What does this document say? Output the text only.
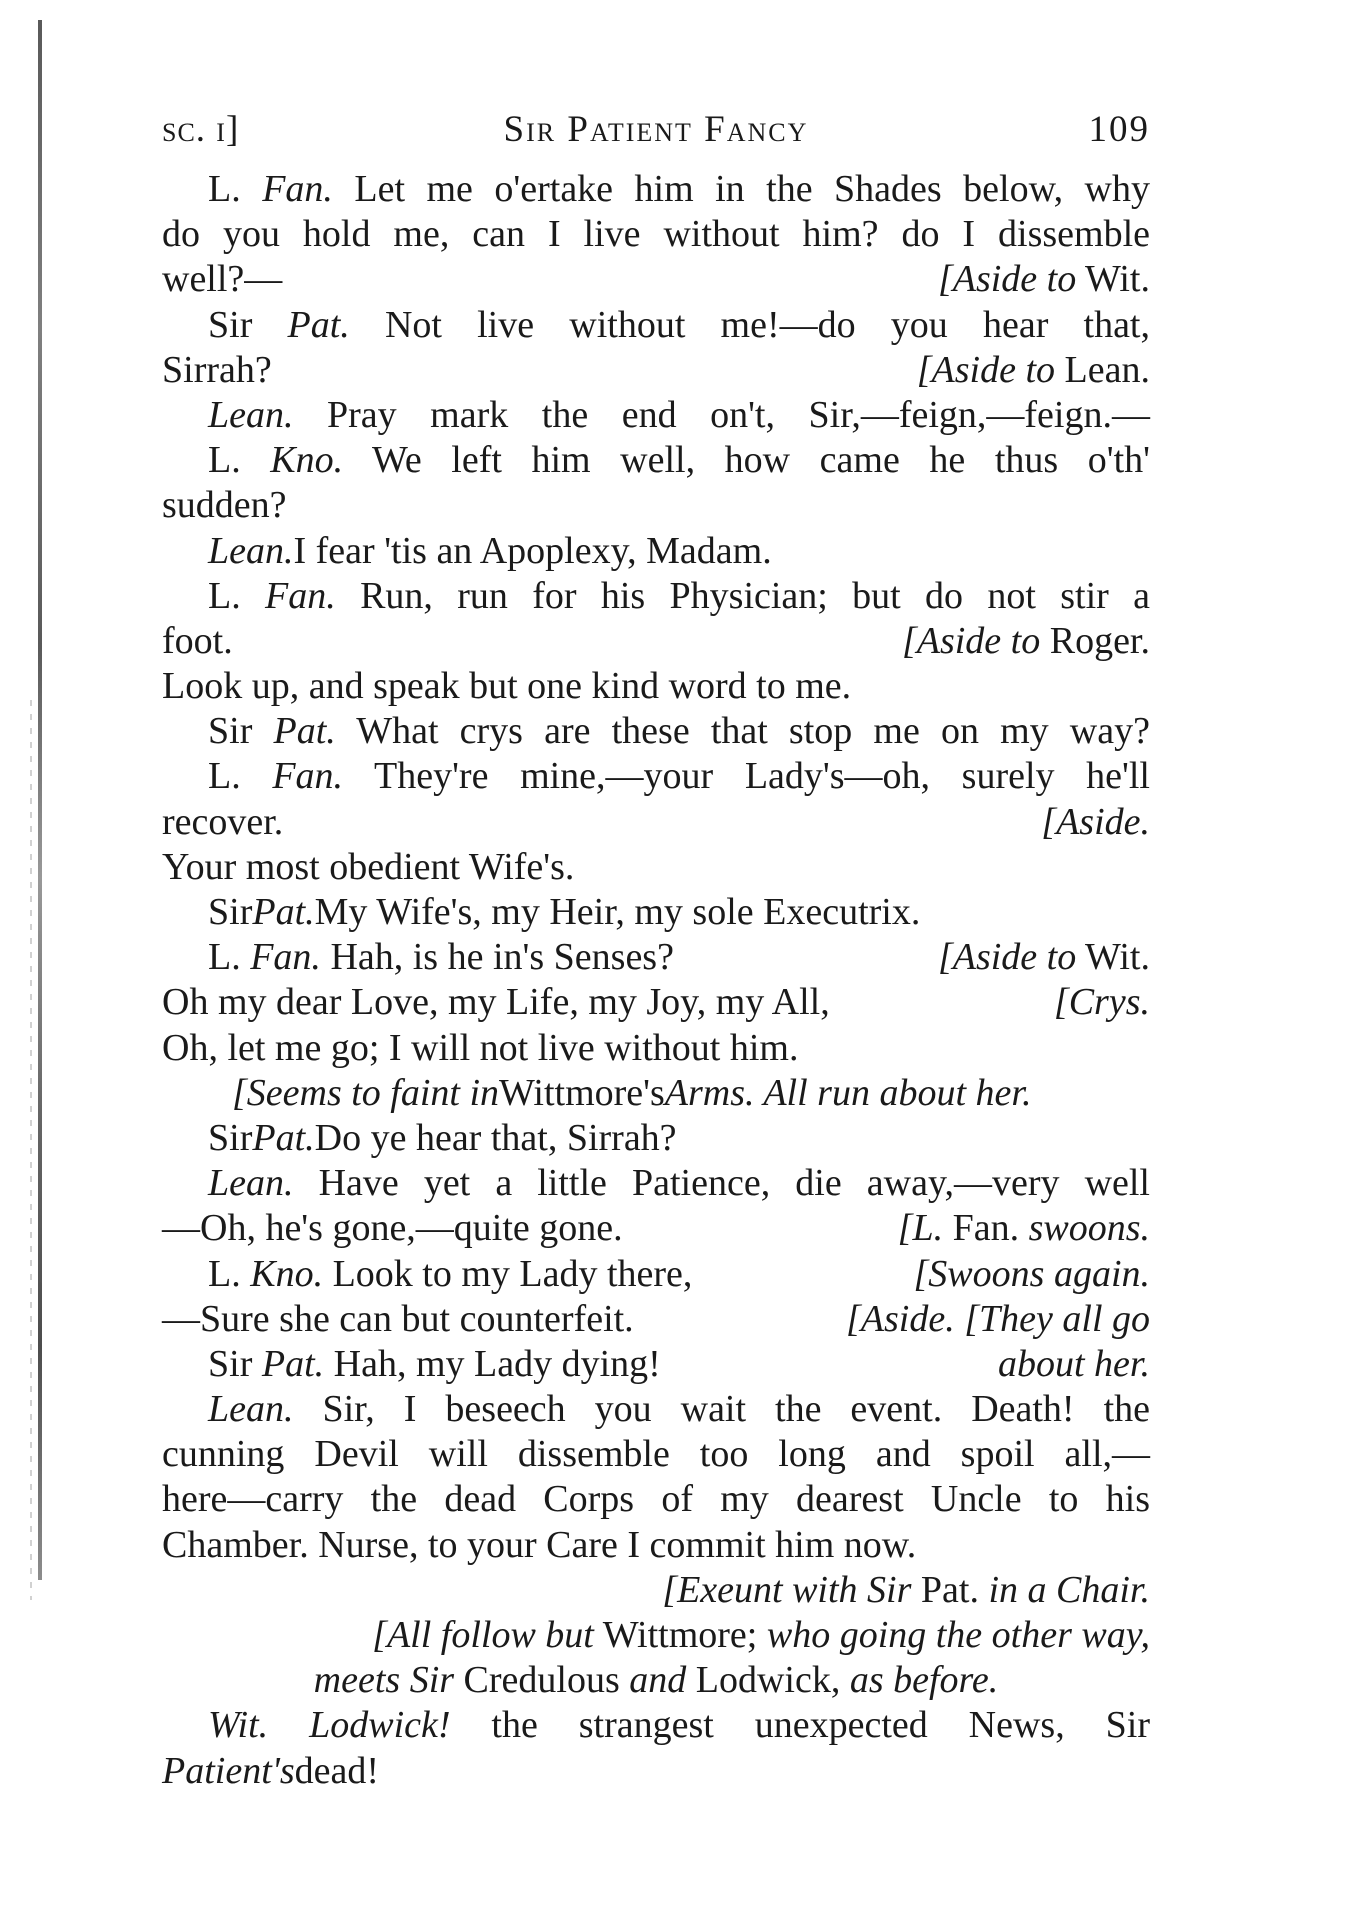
sc. i]	Sir Patient Fancy	109
L. Fan. Let me o'ertake him in the Shades below, why
do you hold me, can I live without him? do I dissemble
well?—	[Aside to Wit.
Sir Pat. Not live without me!—do you hear that,
Sirrah?	[Aside to Lean.
Lean. Pray mark the end on't, Sir,—feign,—feign.—
L. Kno. We left him well, how came he thus o'th'
sudden?
Lean. I fear 'tis an Apoplexy, Madam.
L. Fan. Run, run for his Physician; but do not stir a
foot.	[Aside to Roger.
Look up, and speak but one kind word to me.
Sir Pat. What crys are these that stop me on my way?
L. Fan. They're mine,—your Lady's—oh, surely he'll
recover.	[Aside.
Your most obedient Wife's.
Sir Pat. My Wife's, my Heir, my sole Executrix.
L. Fan. Hah, is he in's Senses?	[Aside to Wit.
Oh my dear Love, my Life, my Joy, my All,	[Crys.
Oh, let me go; I will not live without him.
[Seems to faint in Wittmore's Arms. All run about her.
Sir Pat. Do ye hear that, Sirrah?
Lean. Have yet a little Patience, die away,—very well
—Oh, he's gone,—quite gone.	[L. Fan. swoons.
L. Kno. Look to my Lady there,	[Swoons again.
—Sure she can but counterfeit.	[Aside. [They all go
Sir Pat. Hah, my Lady dying!	about her.
Lean. Sir, I beseech you wait the event. Death! the
cunning Devil will dissemble too long and spoil all,—
here—carry the dead Corps of my dearest Uncle to his
Chamber. Nurse, to your Care I commit him now.
[Exeunt with Sir Pat. in a Chair.
[All follow but Wittmore; who going the other way,
meets Sir Credulous and Lodwick, as before.
Wit. Lodwick! the strangest unexpected News, Sir
Patient's dead!
